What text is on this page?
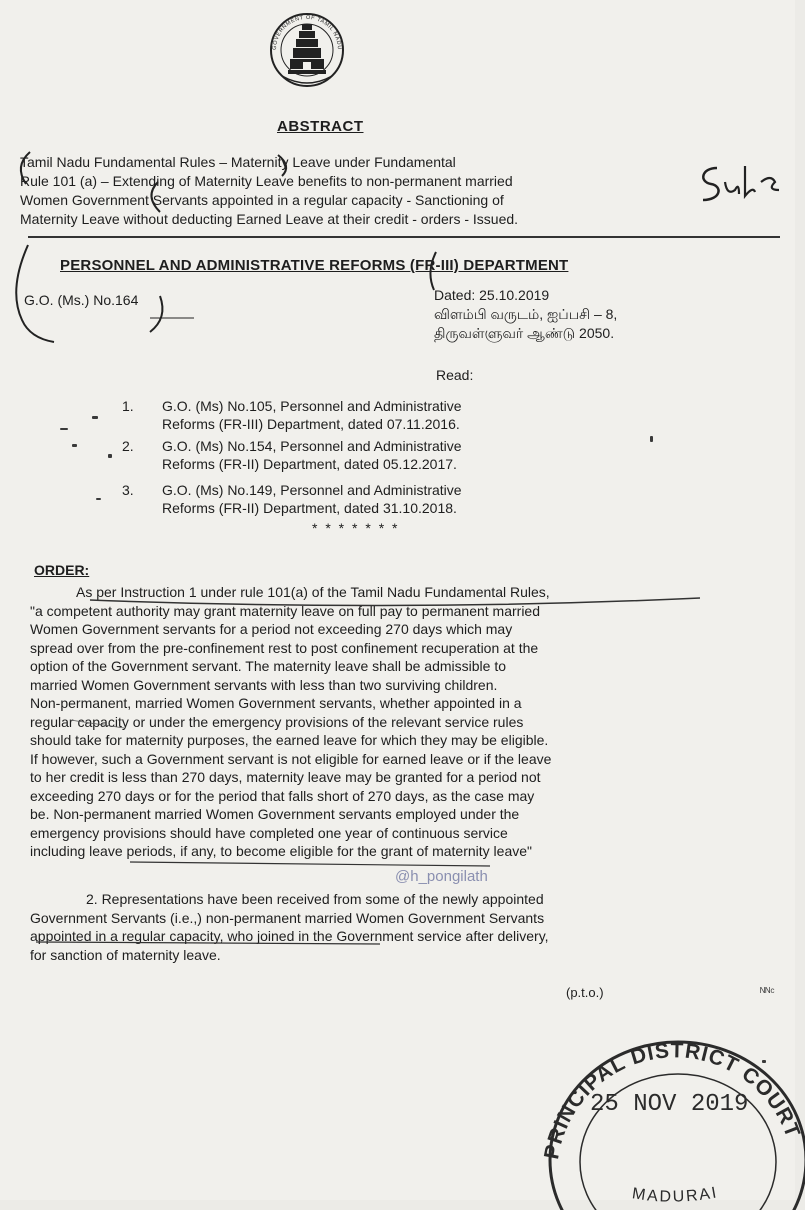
GOVERNMENT OF TAMIL NADU
ABSTRACT
Tamil Nadu Fundamental Rules – Maternity Leave under Fundamental
Rule 101 (a) – Extending of Maternity Leave benefits to non-permanent married
Women Government Servants appointed in a regular capacity - Sanctioning of
Maternity Leave without deducting Earned Leave at their credit - orders - Issued.
Sub/-
PERSONNEL AND ADMINISTRATIVE REFORMS (FR-III) DEPARTMENT
G.O. (Ms.) No.164	Dated: 25.10.2019
விளம்பி வருடம், ஐப்பசி – 8,
திருவள்ளுவர் ஆண்டு 2050.
Read:
1. G.O. (Ms) No.105, Personnel and Administrative
Reforms (FR-III) Department, dated 07.11.2016.
2. G.O. (Ms) No.154, Personnel and Administrative
Reforms (FR-II) Department, dated 05.12.2017.
3. G.O. (Ms) No.149, Personnel and Administrative
Reforms (FR-II) Department, dated 31.10.2018.
* * * * * * *
ORDER:
As per Instruction 1 under rule 101(a) of the Tamil Nadu Fundamental Rules,
"a competent authority may grant maternity leave on full pay to permanent married
Women Government servants for a period not exceeding 270 days which may
spread over from the pre-confinement rest to post confinement recuperation at the
option of the Government servant. The maternity leave shall be admissible to
married Women Government servants with less than two surviving children.
Non-permanent, married Women Government servants, whether appointed in a
regular capacity or under the emergency provisions of the relevant service rules
should take for maternity purposes, the earned leave for which they may be eligible.
If however, such a Government servant is not eligible for earned leave or if the leave
to her credit is less than 270 days, maternity leave may be granted for a period not
exceeding 270 days or for the period that falls short of 270 days, as the case may
be. Non-permanent married Women Government servants employed under the
emergency provisions should have completed one year of continuous service
including leave periods, if any, to become eligible for the grant of maternity leave"
@h_pongilath
2. Representations have been received from some of the newly appointed
Government Servants (i.e.,) non-permanent married Women Government Servants
appointed in a regular capacity, who joined in the Government service after delivery,
for sanction of maternity leave.
(p.t.o.)	ᴺᴺᶜ
PRINCIPAL DISTRICT COURT
25 NOV 2019
MADURAI
